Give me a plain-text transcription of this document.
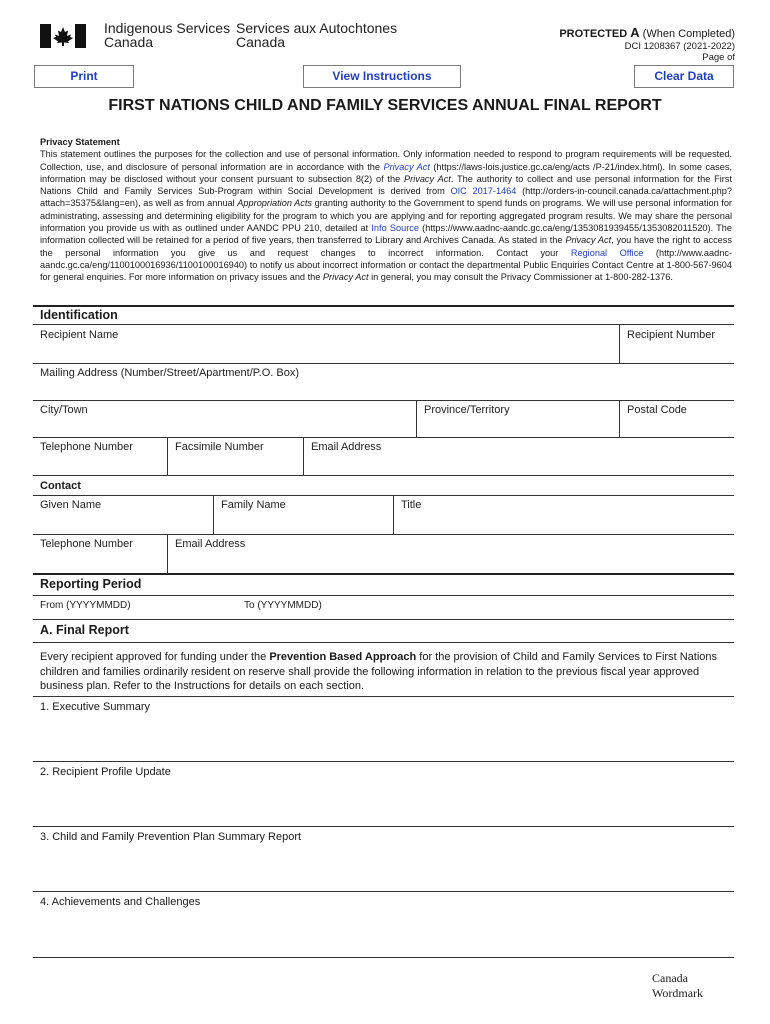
Indigenous Services
Canada
Services aux Autochtones
Canada	PROTECTED A (When Completed)
DCI 1208367 (2021-2022)
Page of
Print	View Instructions	Clear Data
FIRST NATIONS CHILD AND FAMILY SERVICES ANNUAL FINAL REPORT
Privacy Statement
This statement outlines the purposes for the collection and use of personal information. Only information needed to respond to program requirements will be requested. Collection, use, and disclosure of personal information are in accordance with the Privacy Act (https://laws-lois.justice.gc.ca/eng/acts /P-21/index.html). In some cases, information may be disclosed without your consent pursuant to subsection 8(2) of the Privacy Act. The authority to collect and use personal information for the First Nations Child and Family Services Sub-Program within Social Development is derived from OIC 2017-1464 (http://orders-in-council.canada.ca/attachment.php?attach=35375&lang=en), as well as from annual Appropriation Acts granting authority to the Government to spend funds on programs. We will use personal information for administrating, assessing and determining eligibility for the program to which you are applying and for reporting aggregated program results. We may share the personal information you provide us with as outlined under AANDC PPU 210, detailed at Info Source (https://www.aadnc-aandc.gc.ca/eng/1353081939455/1353082011520). The information collected will be retained for a period of five years, then transferred to Library and Archives Canada. As stated in the Privacy Act, you have the right to access the personal information you give us and request changes to incorrect information. Contact your Regional Office (http://www.aadnc-aandc.gc.ca/eng/1100100016936/1100100016940) to notify us about incorrect information or contact the departmental Public Enquiries Contact Centre at 1-800-567-9604 for general enquiries. For more information on privacy issues and the Privacy Act in general, you may consult the Privacy Commissioner at 1-800-282-1376.
Identification
Recipient Name	Recipient Number
Mailing Address (Number/Street/Apartment/P.O. Box)
City/Town	Province/Territory	Postal Code
Telephone Number	Facsimile Number	Email Address
Contact
Given Name	Family Name	Title
Telephone Number	Email Address
Reporting Period
From (YYYYMMDD)	To (YYYYMMDD)
A. Final Report
Every recipient approved for funding under the Prevention Based Approach for the provision of Child and Family Services to First Nations children and families ordinarily resident on reserve shall provide the following information in relation to the previous fiscal year approved business plan. Refer to the Instructions for details on each section.
1. Executive Summary
2. Recipient Profile Update
3. Child and Family Prevention Plan Summary Report
4. Achievements and Challenges
Canada
Wordmark
